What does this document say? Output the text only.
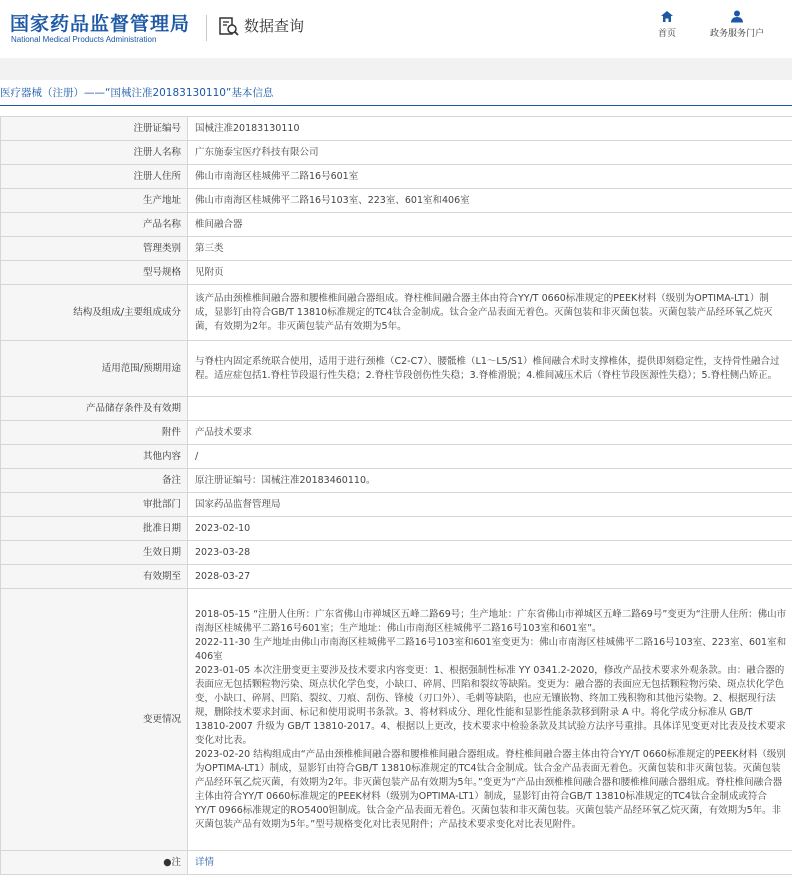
国家药品监督管理局
National Medical Products Administration
数据查询	首页	政务服务门户
医疗器械（注册）——“国械注准20183130110”基本信息
注册证编号	国械注准20183130110
注册人名称	广东施泰宝医疗科技有限公司
注册人住所	佛山市南海区桂城佛平二路16号601室
生产地址	佛山市南海区桂城佛平二路16号103室、223室、601室和406室
产品名称	椎间融合器
管理类别	第三类
型号规格	见附页
结构及组成/主要组成成分	该产品由颈椎椎间融合器和腰椎椎间融合器组成。脊柱椎间融合器主体由符合YY/T 0660标准规定的PEEK材料（级别为OPTIMA-LT1）制成，显影钉由符合GB/T 13810标准规定的TC4钛合金制成。钛合金产品表面无着色。灭菌包装和非灭菌包装。灭菌包装产品经环氧乙烷灭菌，有效期为2年。非灭菌包装产品有效期为5年。
适用范围/预期用途	与脊柱内固定系统联合使用，适用于进行颈椎（C2-C7）、腰骶椎（L1～L5/S1）椎间融合术时支撑椎体，提供即刻稳定性，支持骨性融合过程。适应症包括1.脊柱节段退行性失稳；2.脊柱节段创伤性失稳；3.脊椎滑脱；4.椎间减压术后（脊柱节段医源性失稳）；5.脊柱侧凸矫正。
产品储存条件及有效期	
附件	产品技术要求
其他内容	/
备注	原注册证编号：国械注准20183460110。
审批部门	国家药品监督管理局
批准日期	2023-02-10
生效日期	2023-03-28
有效期至	2028-03-27
变更情况	2018-05-15 “注册人住所：广东省佛山市禅城区五峰二路69号；生产地址：广东省佛山市禅城区五峰二路69号”变更为“注册人住所：佛山市南海区桂城佛平二路16号601室；生产地址：佛山市南海区桂城佛平二路16号103室和601室”。
2022-11-30 生产地址由佛山市南海区桂城佛平二路16号103室和601室变更为：佛山市南海区桂城佛平二路16号103室、223室、601室和406室
2023-01-05 本次注册变更主要涉及技术要求内容变更：1、根据强制性标准 YY 0341.2-2020，修改产品技术要求外观条款。由：融合器的表面应无包括颗粒物污染、斑点状化学色变，小缺口、碎屑、凹陷和裂纹等缺陷。变更为：融合器的表面应无包括颗粒物污染、斑点状化学色变，小缺口、碎屑、凹陷、裂纹、刀痕、刮伤、锋棱（刃口外）、毛刺等缺陷，也应无镶嵌物、终加工残积物和其他污染物。2、根据现行法规，删除技术要求封面、标记和使用说明书条款。3、将材料成分、理化性能和显影性能条款移到附录 A 中。将化学成分标准从 GB/T 13810-2007 升级为 GB/T 13810-2017。4、根据以上更改，技术要求中检验条款及其试验方法序号重排。具体详见变更对比表及技术要求变化对比表。
2023-02-20 结构组成由“产品由颈椎椎间融合器和腰椎椎间融合器组成。脊柱椎间融合器主体由符合YY/T 0660标准规定的PEEK材料（级别为OPTIMA-LT1）制成，显影钉由符合GB/T 13810标准规定的TC4钛合金制成。钛合金产品表面无着色。灭菌包装和非灭菌包装。灭菌包装产品经环氧乙烷灭菌，有效期为2年。非灭菌包装产品有效期为5年。”变更为“产品由颈椎椎间融合器和腰椎椎间融合器组成。脊柱椎间融合器主体由符合YY/T 0660标准规定的PEEK材料（级别为OPTIMA-LT1）制成，显影钉由符合GB/T 13810标准规定的TC4钛合金制成或符合YY/T 0966标准规定的RO5400钽制成。钛合金产品表面无着色。灭菌包装和非灭菌包装。灭菌包装产品经环氧乙烷灭菌，有效期为5年。非灭菌包装产品有效期为5年。”型号规格变化对比表见附件；产品技术要求变化对比表见附件。
●注	详情
